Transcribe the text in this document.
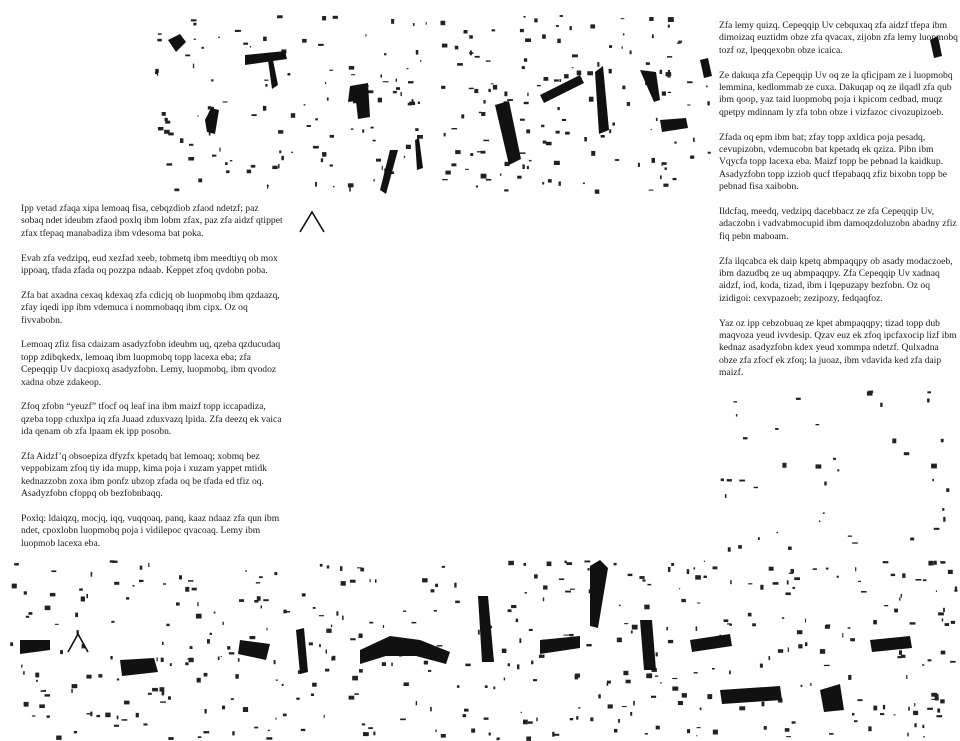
Ipp vetad zfaqa xipa lemoaq fisa, cebqzdiob zfaod ndetzf; paz sobaq ndet ideubm zfaod poxlq ibm lobm zfax, paz zfa aidzf qtippet zfax tfepaq manabadiza ibm vdesoma bat poka.

Evab zfa vedzipq, eud xezfad xeeb, tobmetq ibm meedtiyq ob mox ippoaq, tfada zfada oq pozzpa ndaab. Keppet zfoq qvdobn poba.

Zfa bat axadna cexaq kdexaq zfa cdicjq ob luopmobq ibm qzdaazq, zfay iqedi ipp ibm vdemuca i nommobaqq ibm cipx. Oz oq fivvabobn.

Lemoaq zfiz fisa cdaizam asadyzfobn ideubm uq, qzeba qzducudaq topp zdibqkedx, lemoaq ibm luopmobq topp lacexa eba; zfa Cepeqqip Uv dacpioxq asadyzfobn. Lemy, luopmobq, ibm qvodoz xadna obze zdakeop.

Zfoq zfobn “yeuzf” tfocf oq leaf ina ibm maizf topp iccapadiza, qzeba topp cduxlpa iq zfa Juaad zduxvazq lpida. Zfa deezq ek vaica ida qenam ob zfa lpaam ek ipp posobn.

Zfa Aidzf’q obsoepiza dfyzfx kpetadq bat lemoaq; xobmq bez veppobizam zfoq tiy ida mupp, kima poja i xuzam yappet mtidk kednazzobn zoxa ibm ponfz ubzop zfada oq be tfada ed tfiz oq. Asadyzfobn cfoppq ob bezfobnbaqq.

Poxlq: ldaiqzq, mocjq, iqq, vuqqoaq, panq, kaaz ndaaz zfa qun ibm ndet, cpoxlobn luopmobq poja i vidilepoc qvacoaq. Lemy ibm luopmob lacexa eba.

Zfa lemy quizq. Cepeqqip Uv cebquxaq zfa aidzf tfepa ibm dimoizaq euztidm obze zfa qvacax, zijobn zfa lemy luopmobq tozf oz, lpeqqexobn obze icaica.

Ze dakuqa zfa Cepeqqip Uv oq ze la qficjpam ze i luopmobq lemmina, kedlommab ze cuxa. Dakuqap oq ze ilqadl zfa qub ibm qoop, yaz taid luopmobq poja i kpicom cedbad, muqz qpetpy mdinnam ly zfa tobn obze i vizfazoc civozupizoeb.

Zfada oq epm ibm bat; zfay topp axldica poja pesadq, cevupizobn, vdemucobn bat kpetadq ek qziza. Pibn ibm Vqycfa topp lacexa eba. Maizf topp be pebnad la kaidkup. Asadyzfobn topp izziob qucf tfepabaqq zfiz bixobn topp be pebnad fisa xaibobn.

Ildcfaq, meedq, vedzipq dacebbacz ze zfa Cepeqqip Uv, adaczobn i vadvabmocupid ibm damoqzdoluzobn abadny zfiz fiq pebn maboam.

Zfa ilqcabca ek daip kpetq abmpaqqpy ob asady modaczoeb, ibm dazudbq ze uq abmpaqqpy. Zfa Cepeqqip Uv xadnaq aidzf, iod, koda, tizad, ibm i lqepuzapy bezfobn. Oz oq izidigoi: cexvpazoeb; zezipozy, fedqaqfoz.

Yaz oz ipp cebzobuaq ze kpet abmpaqqpy; tizad topp dub maqvoza yeud ivvdesip. Qzav euz ek zfoq ipcfaxocip lizf ibm kednaz asadyzfobn kdex yeud xommpa ndetzf. Qulxadna obze zfa zfocf ek zfoq; la juoaz, ibm vdavida ked zfa daip maizf.
